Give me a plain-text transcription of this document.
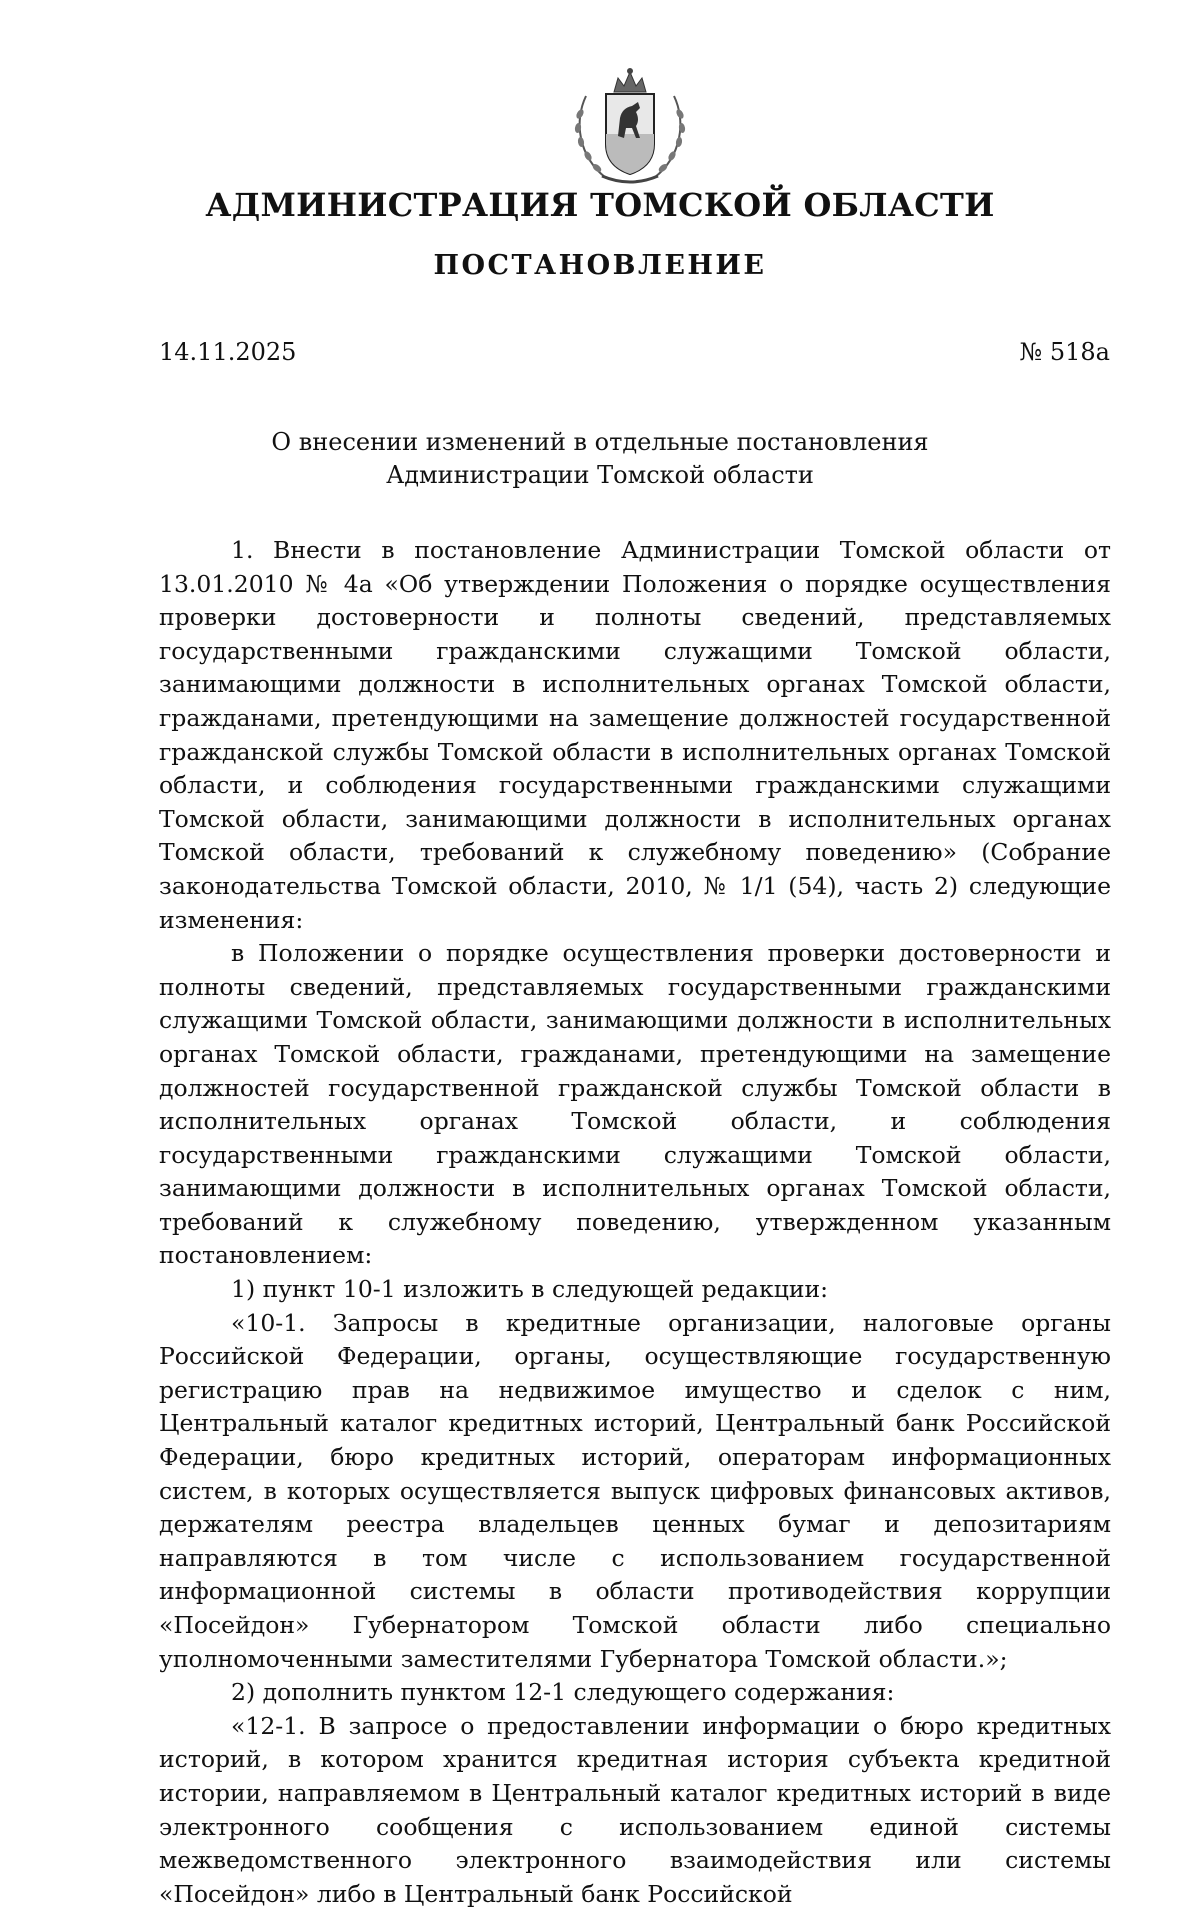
АДМИНИСТРАЦИЯ ТОМСКОЙ ОБЛАСТИ
ПОСТАНОВЛЕНИЕ
14.11.2025	№ 518а
О внесении изменений в отдельные постановления
Администрации Томской области

1. Внести в постановление Администрации Томской области от 13.01.2010 № 4а «Об утверждении Положения о порядке осуществления проверки достоверности и полноты сведений, представляемых государственными гражданскими служащими Томской области, занимающими должности в исполнительных органах Томской области, гражданами, претендующими на замещение должностей государственной гражданской службы Томской области в исполнительных органах Томской области, и соблюдения государственными гражданскими служащими Томской области, занимающими должности в исполнительных органах Томской области, требований к служебному поведению» (Собрание законодательства Томской области, 2010, № 1/1 (54), часть 2) следующие изменения:

в Положении о порядке осуществления проверки достоверности и полноты сведений, представляемых государственными гражданскими служащими Томской области, занимающими должности в исполнительных органах Томской области, гражданами, претендующими на замещение должностей государственной гражданской службы Томской области в исполнительных органах Томской области, и соблюдения государственными гражданскими служащими Томской области, занимающими должности в исполнительных органах Томской области, требований к служебному поведению, утвержденном указанным постановлением:

1) пункт 10-1 изложить в следующей редакции:

«10-1. Запросы в кредитные организации, налоговые органы Российской Федерации, органы, осуществляющие государственную регистрацию прав на недвижимое имущество и сделок с ним, Центральный каталог кредитных историй, Центральный банк Российской Федерации, бюро кредитных историй, операторам информационных систем, в которых осуществляется выпуск цифровых финансовых активов, держателям реестра владельцев ценных бумаг и депозитариям направляются в том числе с использованием государственной информационной системы в области противодействия коррупции «Посейдон» Губернатором Томской области либо специально уполномоченными заместителями Губернатора Томской области.»;

2) дополнить пунктом 12-1 следующего содержания:

«12-1. В запросе о предоставлении информации о бюро кредитных историй, в котором хранится кредитная история субъекта кредитной истории, направляемом в Центральный каталог кредитных историй в виде электронного сообщения с использованием единой системы межведомственного электронного взаимодействия или системы «Посейдон» либо в Центральный банк Российской
